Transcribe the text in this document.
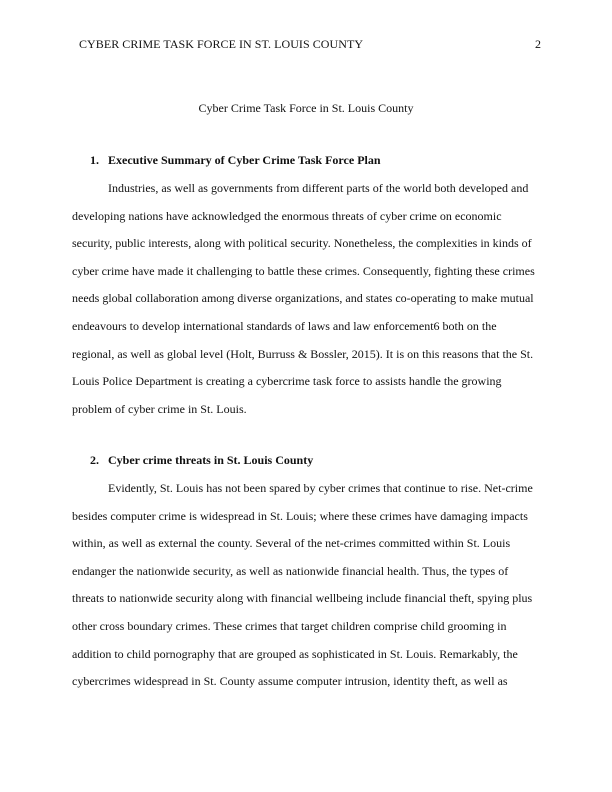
CYBER CRIME TASK FORCE IN ST. LOUIS COUNTY	2
Cyber Crime Task Force in St. Louis County
1. Executive Summary of Cyber Crime Task Force Plan
Industries, as well as governments from different parts of the world both developed and
developing nations have acknowledged the enormous threats of cyber crime on economic
security, public interests, along with political security. Nonetheless, the complexities in kinds of
cyber crime have made it challenging to battle these crimes. Consequently, fighting these crimes
needs global collaboration among diverse organizations, and states co-operating to make mutual
endeavours to develop international standards of laws and law enforcement6 both on the
regional, as well as global level (Holt, Burruss & Bossler, 2015). It is on this reasons that the St.
Louis Police Department is creating a cybercrime task force to assists handle the growing
problem of cyber crime in St. Louis.
2. Cyber crime threats in St. Louis County
Evidently, St. Louis has not been spared by cyber crimes that continue to rise. Net-crime
besides computer crime is widespread in St. Louis; where these crimes have damaging impacts
within, as well as external the county. Several of the net-crimes committed within St. Louis
endanger the nationwide security, as well as nationwide financial health. Thus, the types of
threats to nationwide security along with financial wellbeing include financial theft, spying plus
other cross boundary crimes. These crimes that target children comprise child grooming in
addition to child pornography that are grouped as sophisticated in St. Louis. Remarkably, the
cybercrimes widespread in St. County assume computer intrusion, identity theft, as well as
